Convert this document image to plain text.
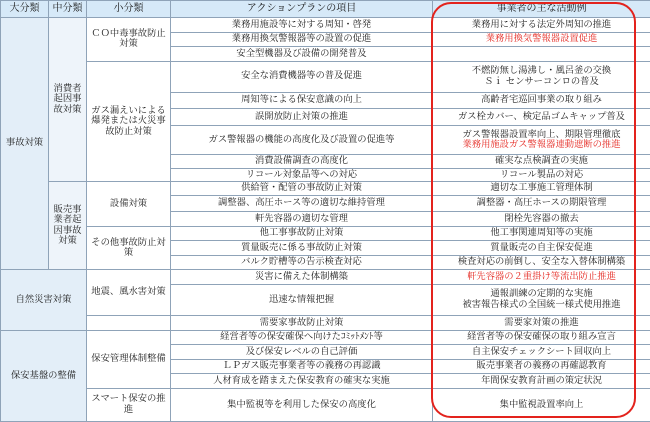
大分類	中分類	小分類	アクションプランの項目	事業者の主な活動例
事故対策	消費者起因事故対策	ＣＯ中毒事故防止対策	業務用施設等に対する周知・啓発	業務用に対する法定外周知の推進
			業務用換気警報器等の設置の促進	業務用換気警報器設置促進
			安全型機器及び設備の開発普及	
		ガス漏えいによる爆発または火災事故防止対策	安全な消費機器等の普及促進	不燃防無し湯沸し・風呂釜の交換
Ｓｉ センサーコンロの普及
			周知等による保安意識の向上	高齢者宅巡回事業の取り組み
			誤開放防止対策の推進	ガス栓カバー、検定品ゴムキャップ普及
			ガス警報器の機能の高度化及び設置の促進等	ガス警報器設置率向上、期限管理徹底
業務用施設ガス警報器連動遮断の推進
			消費設備調査の高度化	確実な点検調査の実施
			リコール対象品等への対応	リコール製品の対応
	販売事業者起因事故対策	設備対策	供給管・配管の事故防止対策	適切な工事施工管理体制
			調整器、高圧ホース等の適切な維持管理	調整器・高圧ホースの期限管理
			軒先容器の適切な管理	閉栓先容器の撤去
		その他事故防止対策	他工事事故防止対策	他工事関連周知等の実施
			質量販売に係る事故防止対策	質量販売の自主保安促進
			バルク貯槽等の告示検査対応	検査対応の前倒し、安全な入替体制構築
自然災害対策		地震、風水害対策	災害に備えた体制構築	軒先容器の２重掛け等流出防止推進
			迅速な情報把握	通報訓練の定期的な実施
被害報告様式の全国統一様式使用推進
			需要家事故防止対策	需要家対策の推進
保安基盤の整備		保安管理体制整備	経営者等の保安確保へ向けたｺﾐｯﾄﾒﾝﾄ等	経営者等の保安確保の取り組み宣言
			及び保安レベルの自己評価	自主保安チェックシート回収向上
			ＬＰガス販売事業者等の義務の再認識	販売事業者の義務の再確認教育
			人材育成を踏まえた保安教育の確実な実施	年間保安教育計画の策定状況
		スマート保安の推進	集中監視等を利用した保安の高度化	集中監視設置率向上
